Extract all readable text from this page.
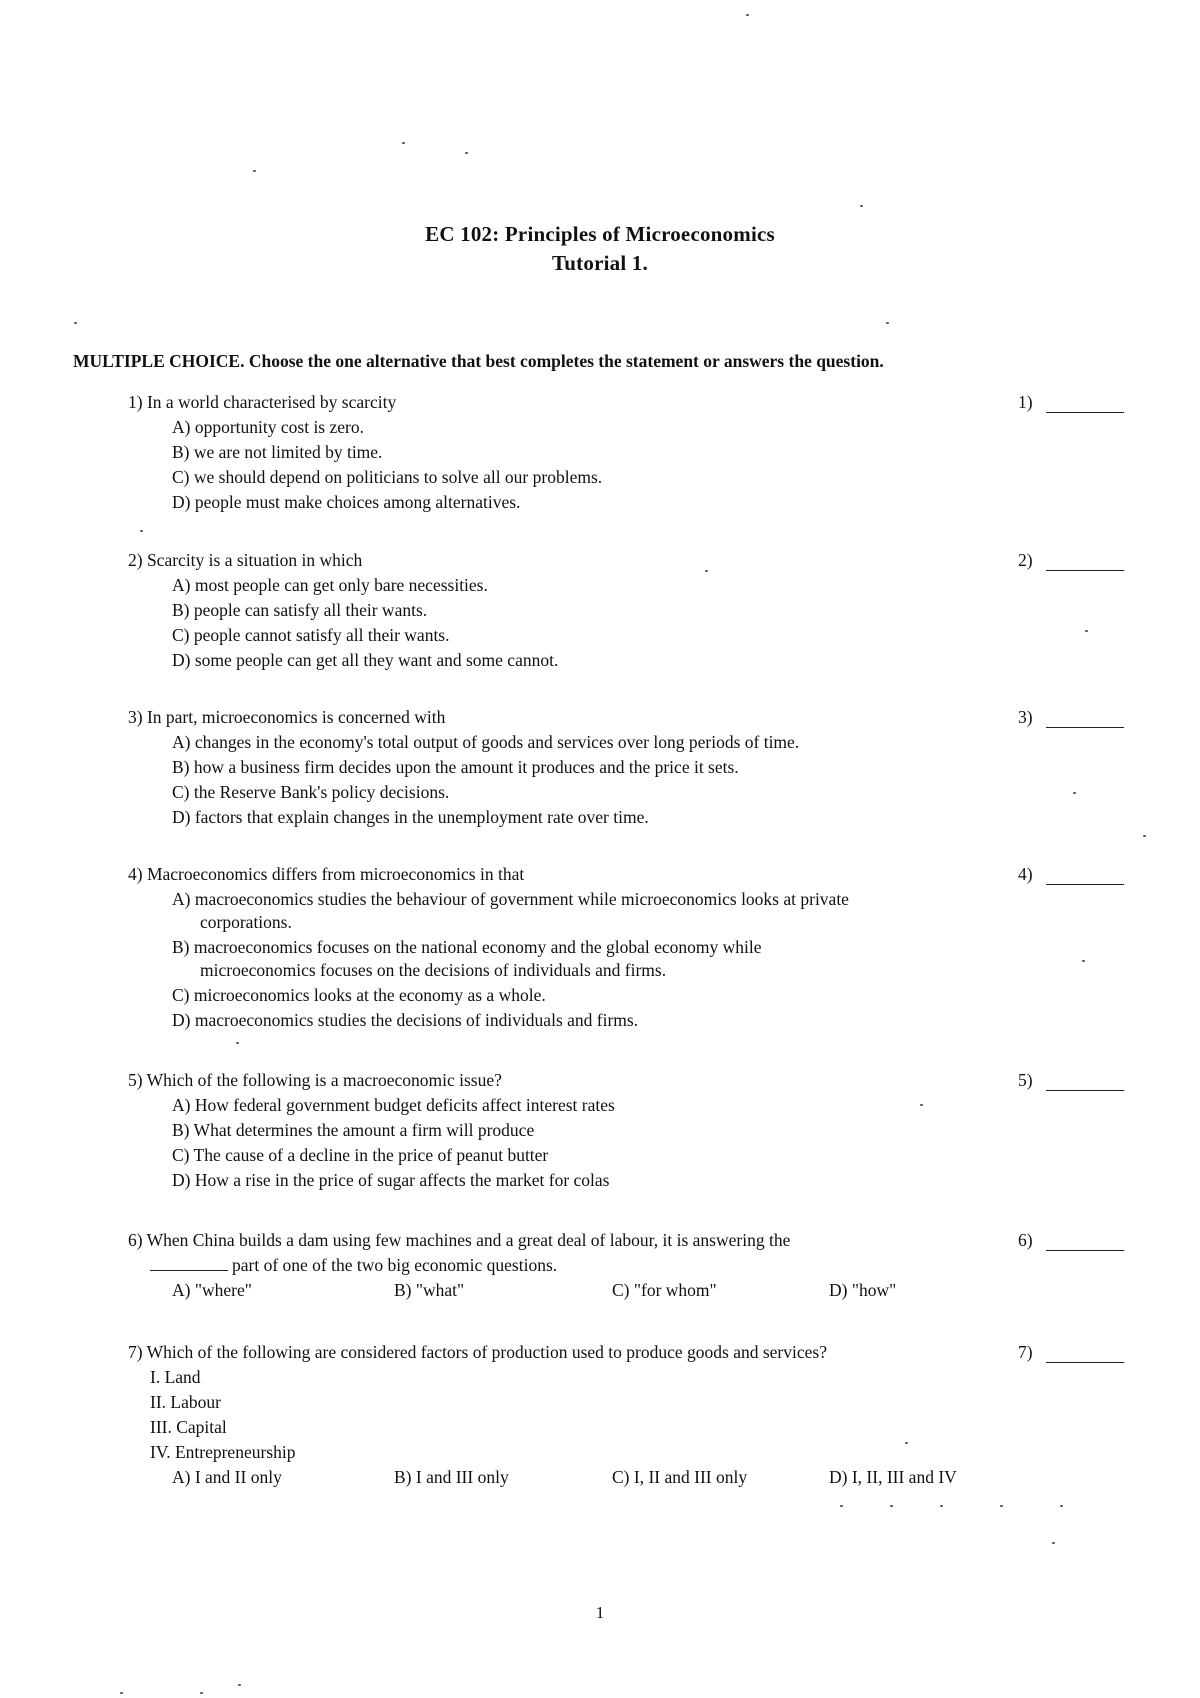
EC 102: Principles of Microeconomics
Tutorial 1.
MULTIPLE CHOICE. Choose the one alternative that best completes the statement or answers the question.
1) In a world characterised by scarcity	1)
A) opportunity cost is zero.
B) we are not limited by time.
C) we should depend on politicians to solve all our problems.
D) people must make choices among alternatives.
2) Scarcity is a situation in which	2)
A) most people can get only bare necessities.
B) people can satisfy all their wants.
C) people cannot satisfy all their wants.
D) some people can get all they want and some cannot.
3) In part, microeconomics is concerned with	3)
A) changes in the economy's total output of goods and services over long periods of time.
B) how a business firm decides upon the amount it produces and the price it sets.
C) the Reserve Bank's policy decisions.
D) factors that explain changes in the unemployment rate over time.
4) Macroeconomics differs from microeconomics in that	4)
A) macroeconomics studies the behaviour of government while microeconomics looks at private
corporations.
B) macroeconomics focuses on the national economy and the global economy while
microeconomics focuses on the decisions of individuals and firms.
C) microeconomics looks at the economy as a whole.
D) macroeconomics studies the decisions of individuals and firms.
5) Which of the following is a macroeconomic issue?	5)
A) How federal government budget deficits affect interest rates
B) What determines the amount a firm will produce
C) The cause of a decline in the price of peanut butter
D) How a rise in the price of sugar affects the market for colas
6) When China builds a dam using few machines and a great deal of labour, it is answering the	6)
part of one of the two big economic questions.
A) "where"	B) "what"	C) "for whom"	D) "how"
7) Which of the following are considered factors of production used to produce goods and services?	7)
I. Land
II. Labour
III. Capital
IV. Entrepreneurship
A) I and II only	B) I and III only	C) I, II and III only	D) I, II, III and IV
1
